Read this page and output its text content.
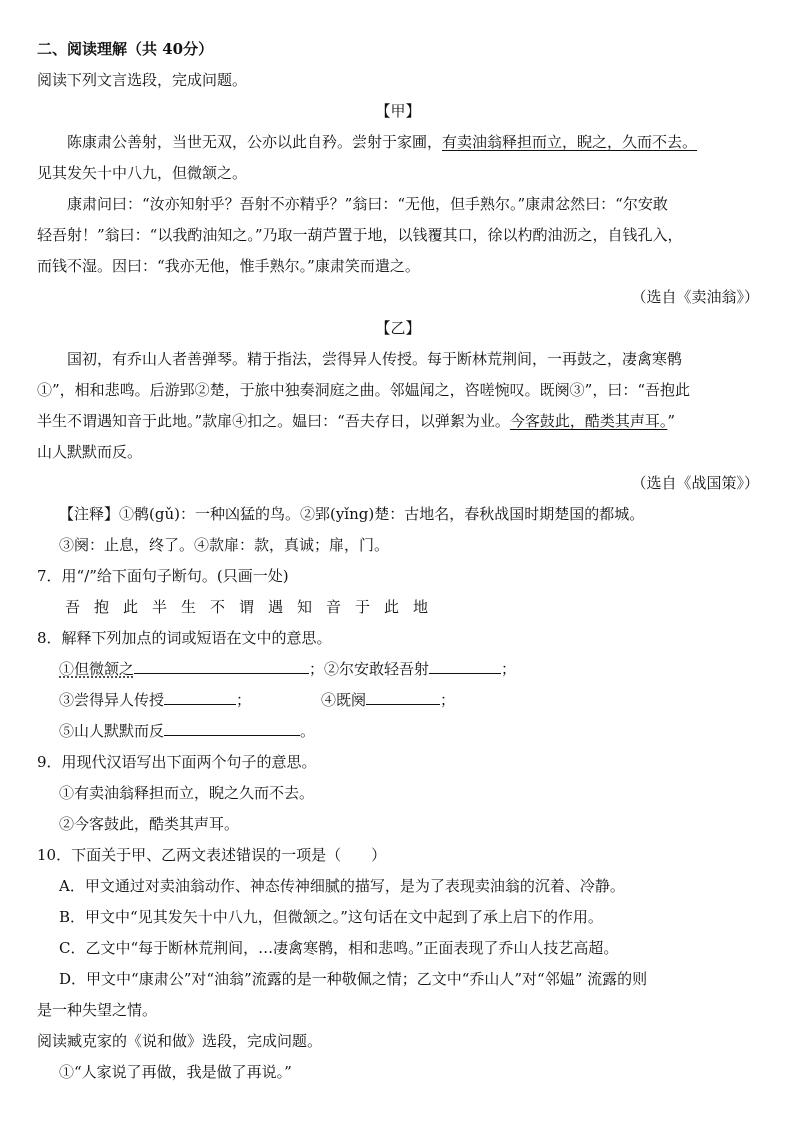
二、阅读理解（共 40分）
阅读下列文言选段，完成问题。
【甲】
陈康肃公善射，当世无双，公亦以此自矜。尝射于家圃，有卖油翁释担而立，睨之，久而不去。
见其发矢十中八九，但微颔之。
康肃问曰：“汝亦知射乎？吾射不亦精乎？”翁曰：“无他，但手熟尔。”康肃忿然曰：“尔安敢
轻吾射！”翁曰：“以我酌油知之。”乃取一葫芦置于地，以钱覆其口，徐以杓酌油沥之，自钱孔入，
而钱不湿。因曰：“我亦无他，惟手熟尔。”康肃笑而遣之。
（选自《卖油翁》）
【乙】
国初，有乔山人者善弹琴。精于指法，尝得异人传授。每于断林荒荆间，一再鼓之，凄禽寒鹘
①”，相和悲鸣。后游郢②楚，于旅中独奏洞庭之曲。邻媪闻之，咨嗟惋叹。既阕③”，曰：“吾抱此
半生不谓遇知音于此地。”款扉④扣之。媪曰：“吾夫存日，以弹絮为业。今客鼓此，酷类其声耳。”
山人默默而反。
（选自《战国策》）
【注释】①鹘(gǔ)：一种凶猛的鸟。②郢(yǐng)楚：古地名，春秋战国时期楚国的都城。
③阕：止息，终了。④款扉：款，真诚；扉，门。
7．用“/”给下面句子断句。(只画一处)
吾抱此半生不谓遇知音于此地
8．解释下列加点的词或短语在文中的意思。
①但微颔之	；②尔安敢轻吾射	；
③尝得异人传授	；	④既阕	；
⑤山人默默而反	。
9．用现代汉语写出下面两个句子的意思。
①有卖油翁释担而立，睨之久而不去。
②今客鼓此，酷类其声耳。
10．下面关于甲、乙两文表述错误的一项是（　　）
A．甲文通过对卖油翁动作、神态传神细腻的描写，是为了表现卖油翁的沉着、冷静。
B．甲文中“见其发矢十中八九，但微颔之。”这句话在文中起到了承上启下的作用。
C．乙文中“每于断林荒荆间，…凄禽寒鹘，相和悲鸣。”正面表现了乔山人技艺高超。
D．甲文中“康肃公”对“油翁”流露的是一种敬佩之情；乙文中“乔山人”对“邻媪” 流露的则
是一种失望之情。
阅读臧克家的《说和做》选段，完成问题。
①“人家说了再做，我是做了再说。”
